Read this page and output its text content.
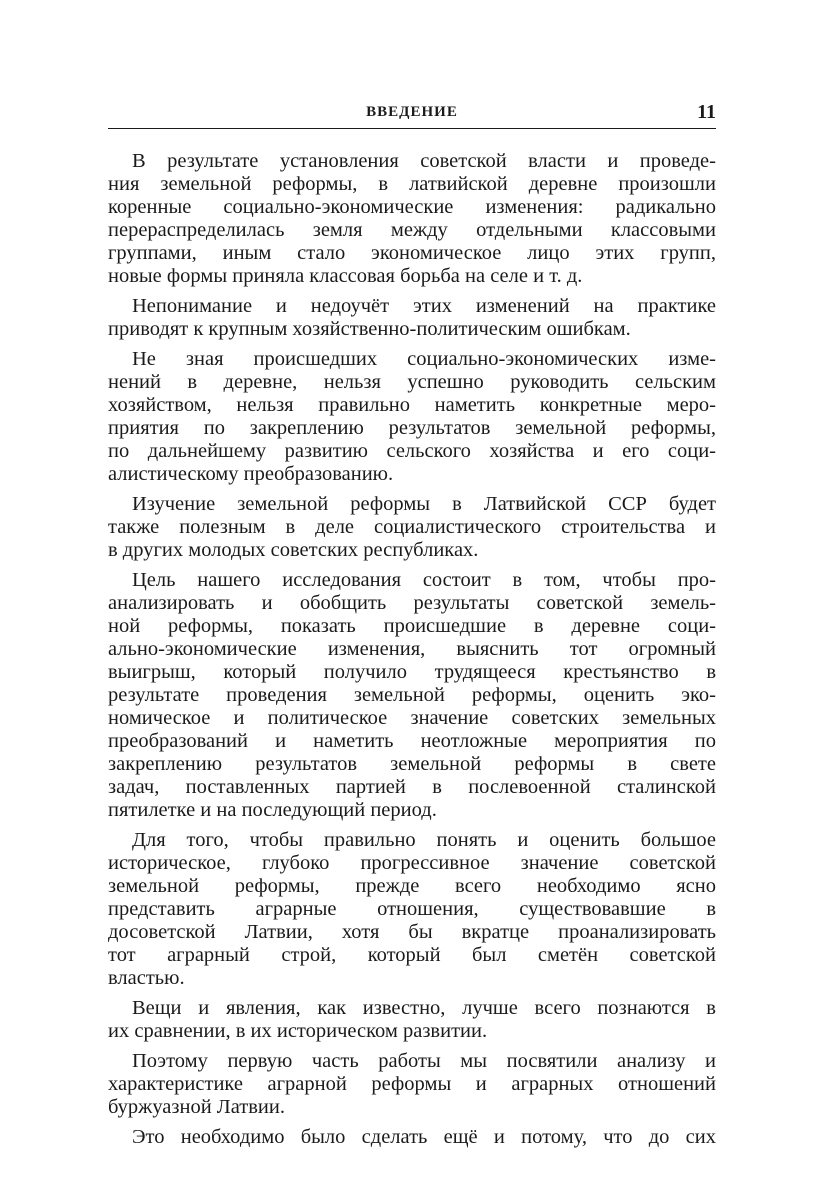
ВВЕДЕНИЕ	11
В результате установления советской власти и проведе-
ния земельной реформы, в латвийской деревне произошли
коренные социально-экономические изменения: радикально
перераспределилась земля между отдельными классовыми
группами, иным стало экономическое лицо этих групп,
новые формы приняла классовая борьба на селе и т. д.
Непонимание и недоучёт этих изменений на практике
приводят к крупным хозяйственно-политическим ошибкам.
Не зная происшедших социально-экономических изме-
нений в деревне, нельзя успешно руководить сельским
хозяйством, нельзя правильно наметить конкретные меро-
приятия по закреплению результатов земельной реформы,
по дальнейшему развитию сельского хозяйства и его соци-
алистическому преобразованию.
Изучение земельной реформы в Латвийской ССР будет
также полезным в деле социалистического строительства и
в других молодых советских республиках.
Цель нашего исследования состоит в том, чтобы про-
анализировать и обобщить результаты советской земель-
ной реформы, показать происшедшие в деревне соци-
ально-экономические изменения, выяснить тот огромный
выигрыш, который получило трудящееся крестьянство в
результате проведения земельной реформы, оценить эко-
номическое и политическое значение советских земельных
преобразований и наметить неотложные мероприятия по
закреплению результатов земельной реформы в свете
задач, поставленных партией в послевоенной сталинской
пятилетке и на последующий период.
Для того, чтобы правильно понять и оценить большое
историческое, глубоко прогрессивное значение советской
земельной реформы, прежде всего необходимо ясно
представить аграрные отношения, существовавшие в
досоветской Латвии, хотя бы вкратце проанализировать
тот аграрный строй, который был сметён советской
властью.
Вещи и явления, как известно, лучше всего познаются в
их сравнении, в их историческом развитии.
Поэтому первую часть работы мы посвятили анализу и
характеристике аграрной реформы и аграрных отношений
буржуазной Латвии.
Это необходимо было сделать ещё и потому, что до сих
